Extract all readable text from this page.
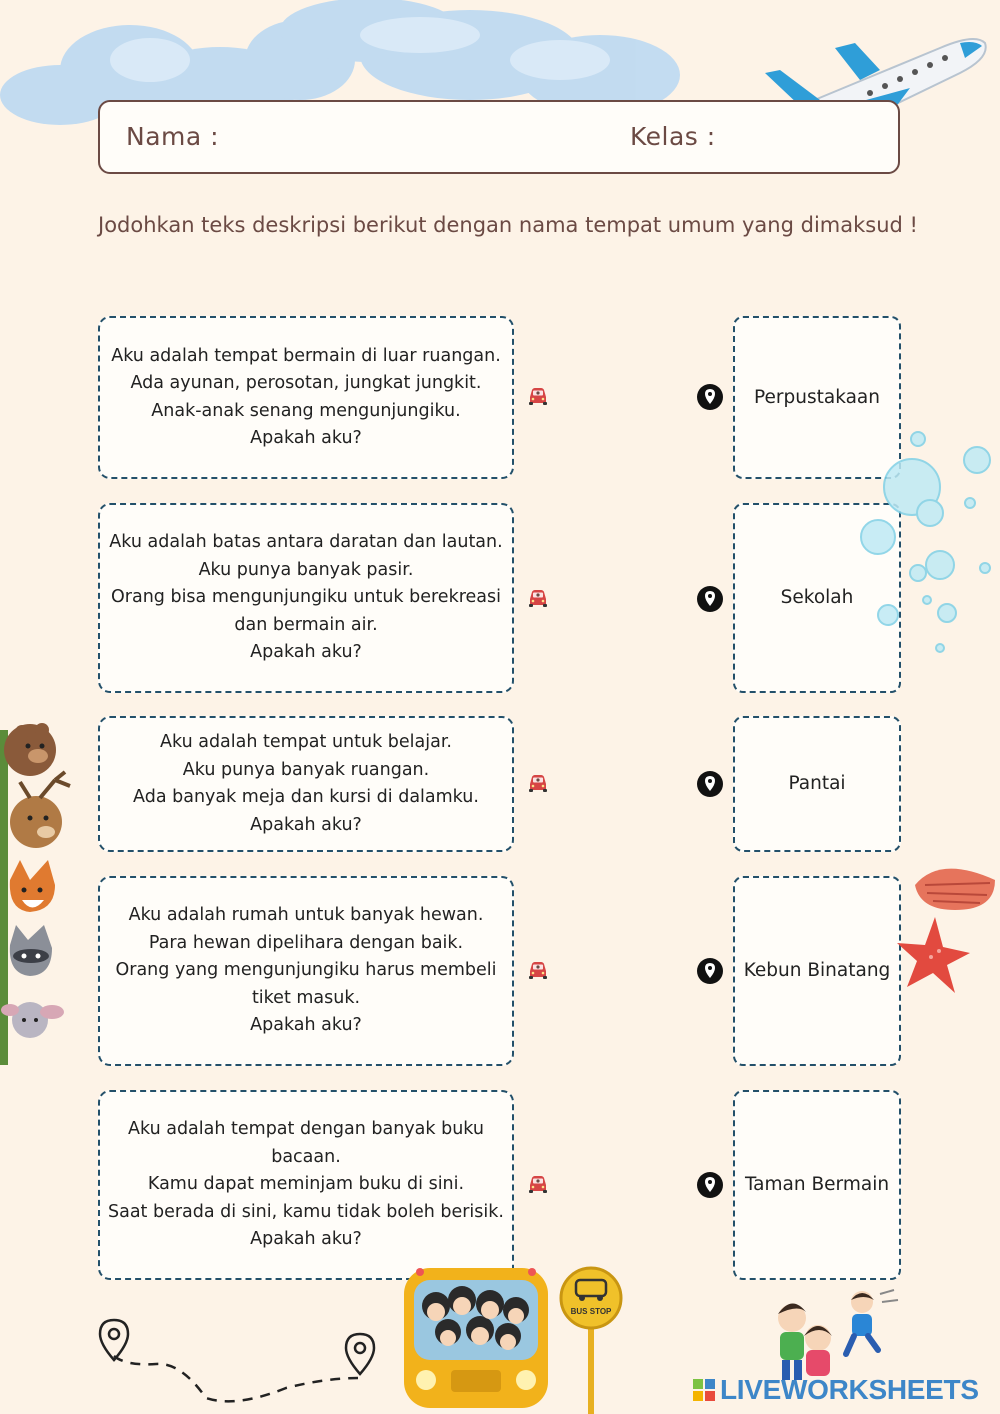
Nama :	Kelas :
Jodohkan teks deskripsi berikut dengan nama tempat umum yang dimaksud !
Aku adalah tempat bermain di luar ruangan.
Ada ayunan, perosotan, jungkat jungkit.
Anak-anak senang mengunjungiku.
Apakah aku?
Perpustakaan
Aku adalah batas antara daratan dan lautan.
Aku punya banyak pasir.
Orang bisa mengunjungiku untuk berekreasi dan bermain air.
Apakah aku?
Sekolah
Aku adalah tempat untuk belajar.
Aku punya banyak ruangan.
Ada banyak meja dan kursi di dalamku.
Apakah aku?
Pantai
Aku adalah rumah untuk banyak hewan.
Para hewan dipelihara dengan baik.
Orang yang mengunjungiku harus membeli tiket masuk.
Apakah aku?
Kebun Binatang
Aku adalah tempat dengan banyak buku bacaan.
Kamu dapat meminjam buku di sini.
Saat berada di sini, kamu tidak boleh berisik.
Apakah aku?
Taman Bermain
BUS STOP
LIVEWORKSHEETS
